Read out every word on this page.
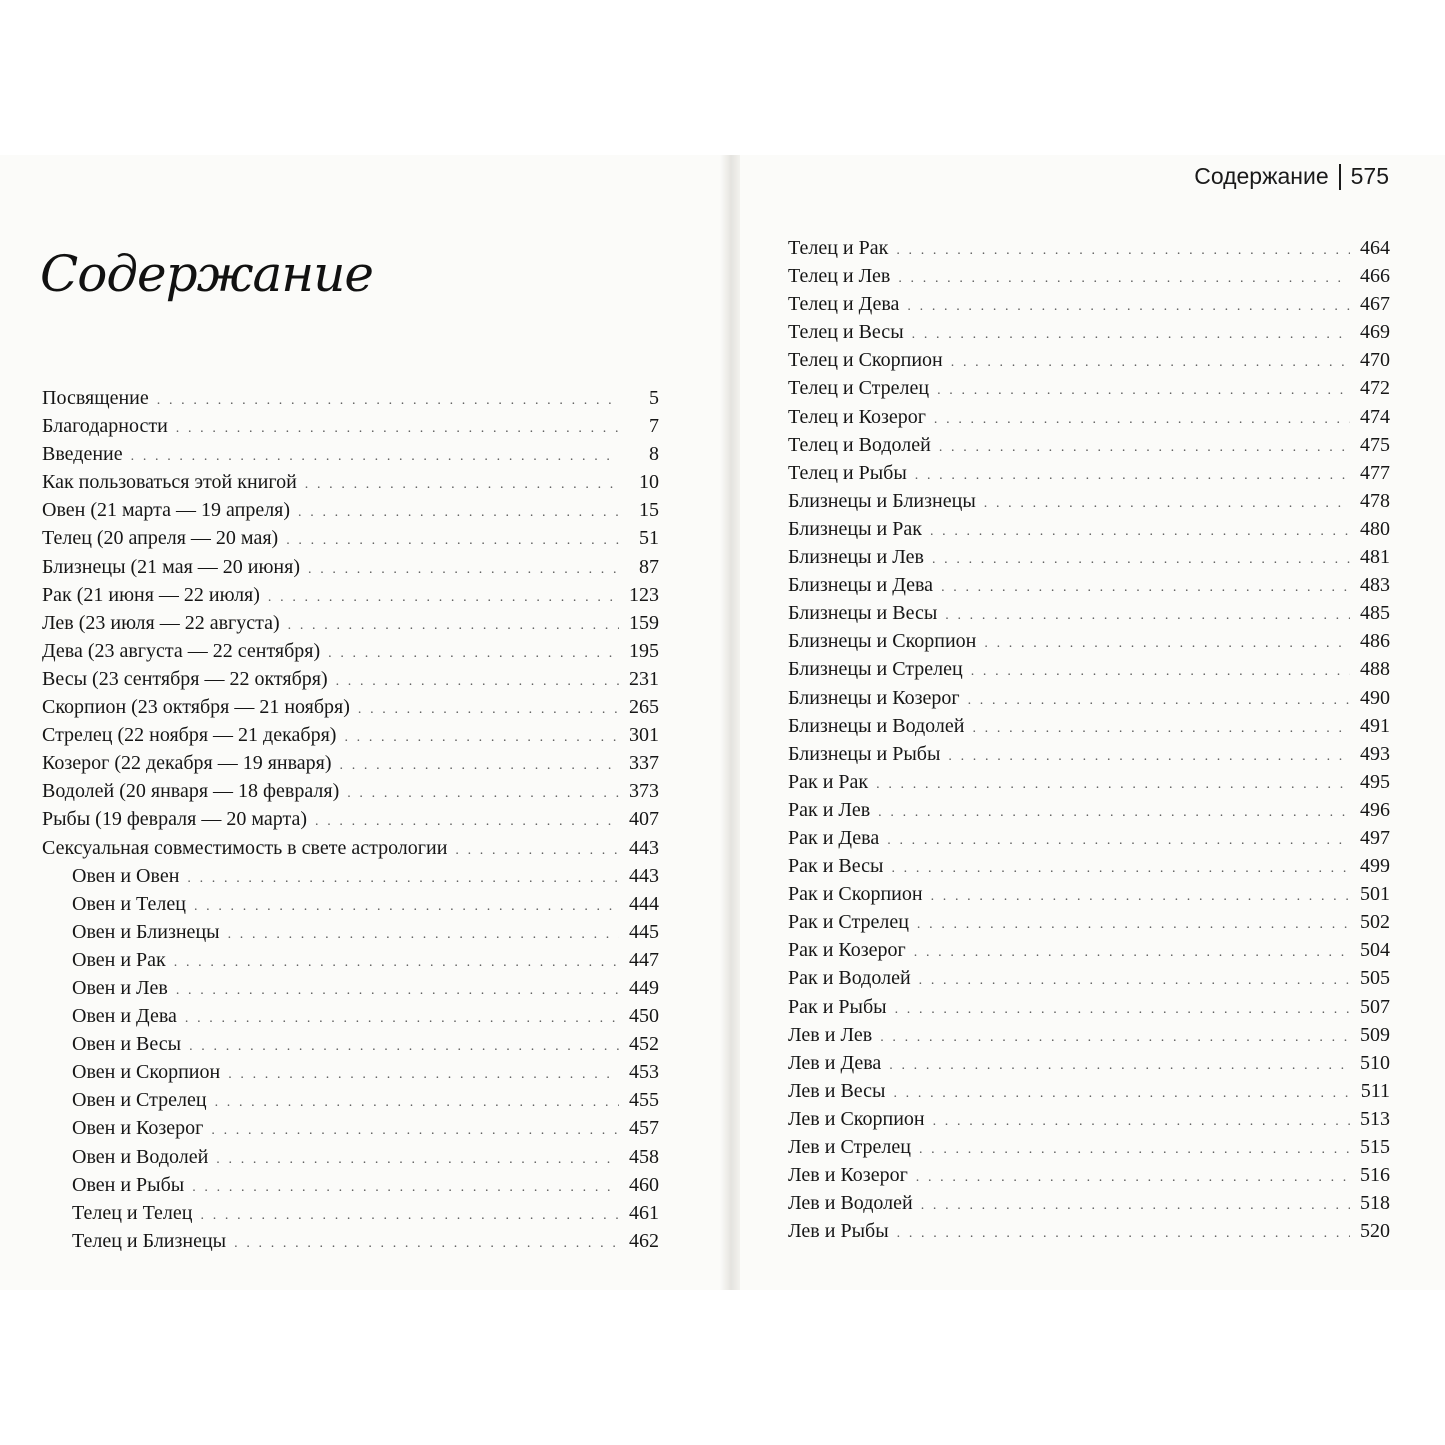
Содержание
Посвящение . . .	5
Благодарности . . .	7
Введение . . .	8
Как пользоваться этой книгой . . .	10
Овен (21 марта — 19 апреля) . . .	15
Телец (20 апреля — 20 мая) . . .	51
Близнецы (21 мая — 20 июня) . . .	87
Рак (21 июня — 22 июля) . . .	123
Лев (23 июля — 22 августа) . . .	159
Дева (23 августа — 22 сентября) . . .	195
Весы (23 сентября — 22 октября) . . .	231
Скорпион (23 октября — 21 ноября) . . .	265
Стрелец (22 ноября — 21 декабря) . . .	301
Козерог (22 декабря — 19 января) . . .	337
Водолей (20 января — 18 февраля) . . .	373
Рыбы (19 февраля — 20 марта) . . .	407
Сексуальная совместимость в свете астрологии . . .	443
Овен и Овен . . .	443
Овен и Телец . . .	444
Овен и Близнецы . . .	445
Овен и Рак . . .	447
Овен и Лев . . .	449
Овен и Дева . . .	450
Овен и Весы . . .	452
Овен и Скорпион . . .	453
Овен и Стрелец . . .	455
Овен и Козерог . . .	457
Овен и Водолей . . .	458
Овен и Рыбы . . .	460
Телец и Телец . . .	461
Телец и Близнецы . . .	462
Содержание 575
Телец и Рак . . .	464
Телец и Лев . . .	466
Телец и Дева . . .	467
Телец и Весы . . .	469
Телец и Скорпион . . .	470
Телец и Стрелец . . .	472
Телец и Козерог . . .	474
Телец и Водолей . . .	475
Телец и Рыбы . . .	477
Близнецы и Близнецы . . .	478
Близнецы и Рак . . .	480
Близнецы и Лев . . .	481
Близнецы и Дева . . .	483
Близнецы и Весы . . .	485
Близнецы и Скорпион . . .	486
Близнецы и Стрелец . . .	488
Близнецы и Козерог . . .	490
Близнецы и Водолей . . .	491
Близнецы и Рыбы . . .	493
Рак и Рак . . .	495
Рак и Лев . . .	496
Рак и Дева . . .	497
Рак и Весы . . .	499
Рак и Скорпион . . .	501
Рак и Стрелец . . .	502
Рак и Козерог . . .	504
Рак и Водолей . . .	505
Рак и Рыбы . . .	507
Лев и Лев . . .	509
Лев и Дева . . .	510
Лев и Весы . . .	511
Лев и Скорпион . . .	513
Лев и Стрелец . . .	515
Лев и Козерог . . .	516
Лев и Водолей . . .	518
Лев и Рыбы . . .	520
